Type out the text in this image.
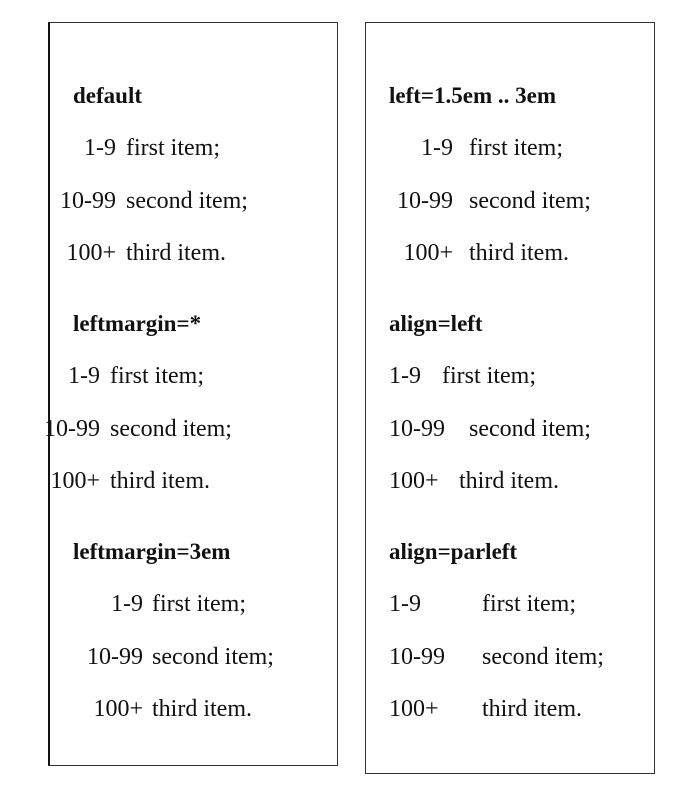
default
1-9 first item;
10-99 second item;
100+ third item.
leftmargin=*
1-9 first item;
10-99 second item;
100+ third item.
leftmargin=3em
1-9 first item;
10-99 second item;
100+ third item.
left=1.5em .. 3em
1-9 first item;
10-99 second item;
100+ third item.
align=left
1-9 first item;
10-99 second item;
100+ third item.
align=parleft
1-9	first item;
10-99 second item;
100+ third item.
